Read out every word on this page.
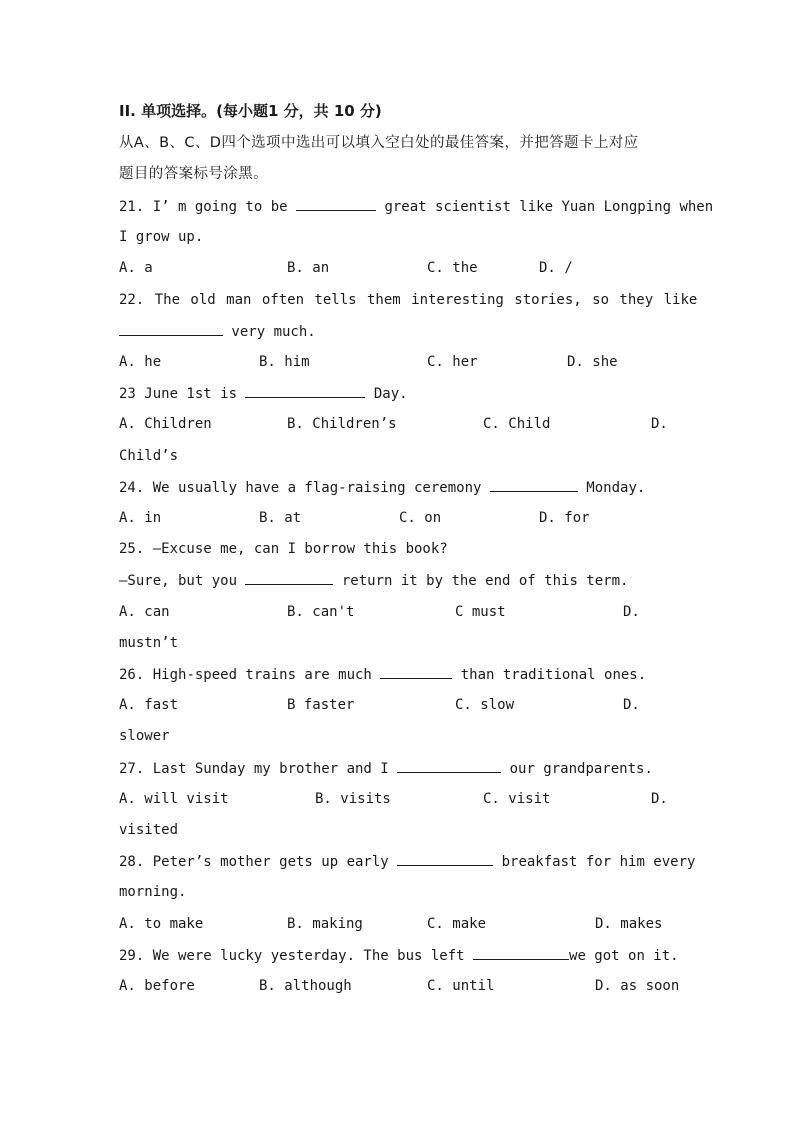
II. 单项选择。(每小题1 分，共 10 分)
从A、B、C、D四个选项中选出可以填入空白处的最佳答案，并把答题卡上对应
题目的答案标号涂黑。
21. I’ m going to be	great scientist like Yuan Longping when
I grow up.
A. a	B. an	C. the	D. /
22. The old man often tells them interesting stories, so they like
very much.
A. he	B. him	C. her	D. she
23 June 1st is	Day.
A. Children	B. Children’s	C. Child	D.
Child’s
24. We usually have a flag-raising ceremony	Monday.
A. in	B. at	C. on	D. for
25. —Excuse me, can I borrow this book?
—Sure, but you	return it by the end of this term.
A. can	B. can't	C must	D.
mustn’t
26. High-speed trains are much	than traditional ones.
A. fast	B faster	C. slow	D.
slower
27. Last Sunday my brother and I	our grandparents.
A. will visit	B. visits	C. visit	D.
visited
28. Peter’s mother gets up early	breakfast for him every
morning.
A. to make	B. making	C. make	D. makes
29. We were lucky yesterday. The bus left	we got on it.
A. before	B. although	C. until	D. as soon
